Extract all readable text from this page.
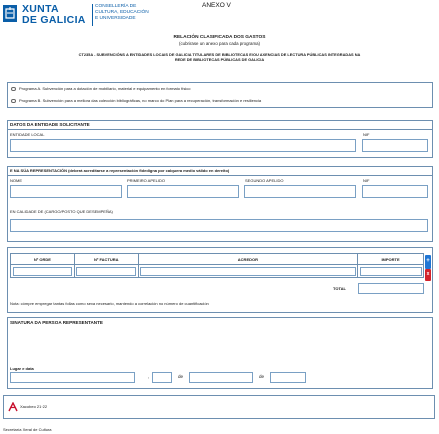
XUNTA
DE GALICIA
CONSELLERÍA DE
CULTURA, EDUCACIÓN
E UNIVERSIDADE
ANEXO V
RELACIÓN CLASIFICADA DOS GASTOS
(cubrirase un anexo para cada programa)
CT235A - SUBVENCIÓNS A ENTIDADES LOCAIS DE GALICIA TITULARES DE BIBLIOTECAS E/OU AXENCIAS DE LECTURA PÚBLICAS INTEGRADAS NA
REDE DE BIBLIOTECAS PÚBLICAS DE GALICIA
Programa A. Subvención para a dotación de mobiliario, material e equipamento en formato físico
Programa B. Subvención para a mellora das colección bibliográficas, no marco do Plan para a recuperación, transformación e resiliencia
DATOS DA ENTIDADE SOLICITANTE
ENTIDADE LOCAL	NIF
E NA SÚA REPRESENTACIÓN (deberá acreditarse a representación fidedigna por calquera medio válido en dereito)
NOME	PRIMEIRO APELIDO	SEGUNDO APELIDO	NIF
EN CALIDADE DE (CARGO/POSTO QUE DESEMPEÑA)
Nº ORDE	Nº FACTURA	ACREDOR	IMPORTE

		+
x
TOTAL
Nota: cómpre empregar tantas follas como sexa necesario, mantendo a correlación no número de cuantificación
SINATURA DA PERSOA REPRESENTANTE
Lugar e data
,	de	de
Xacobeo 21·22
Secretaría Xeral de Cultura
